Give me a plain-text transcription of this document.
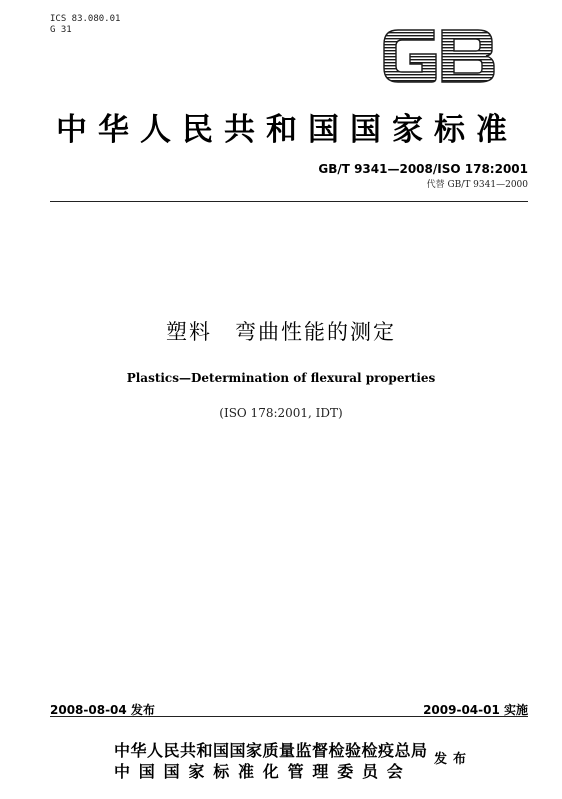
ICS 83.080.01
G 31
GB
中华人民共和国国家标准
GB/T 9341—2008/ISO 178:2001
代替 GB/T 9341—2000
塑料　弯曲性能的测定
Plastics—Determination of flexural properties
(ISO 178:2001, IDT)
2008-08-04 发布	2009-04-01 实施
中华人民共和国国家质量监督检验检疫总局
中国国家标准化管理委员会
发布
